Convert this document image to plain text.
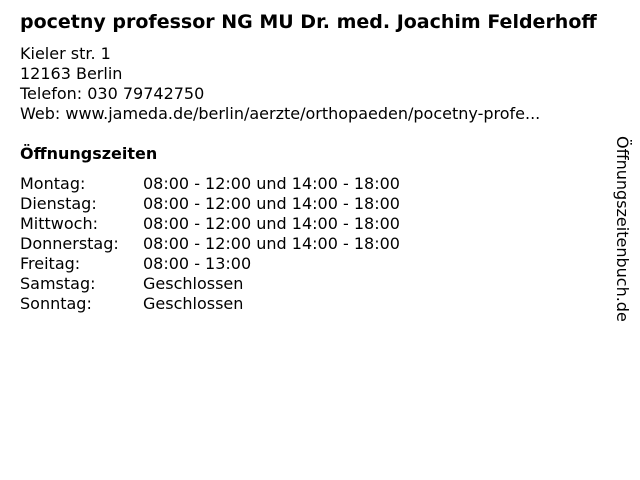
pocetny professor NG MU Dr. med. Joachim Felderhoff
Kieler str. 1
12163 Berlin
Telefon: 030 79742750
Web: www.jameda.de/berlin/aerzte/orthopaeden/pocetny-profe...
Öffnungszeiten
Montag:	08:00 - 12:00 und 14:00 - 18:00
Dienstag:	08:00 - 12:00 und 14:00 - 18:00
Mittwoch:	08:00 - 12:00 und 14:00 - 18:00
Donnerstag:	08:00 - 12:00 und 14:00 - 18:00
Freitag:	08:00 - 13:00
Samstag:	Geschlossen
Sonntag:	Geschlossen	Öffnungszeitenbuch.de
